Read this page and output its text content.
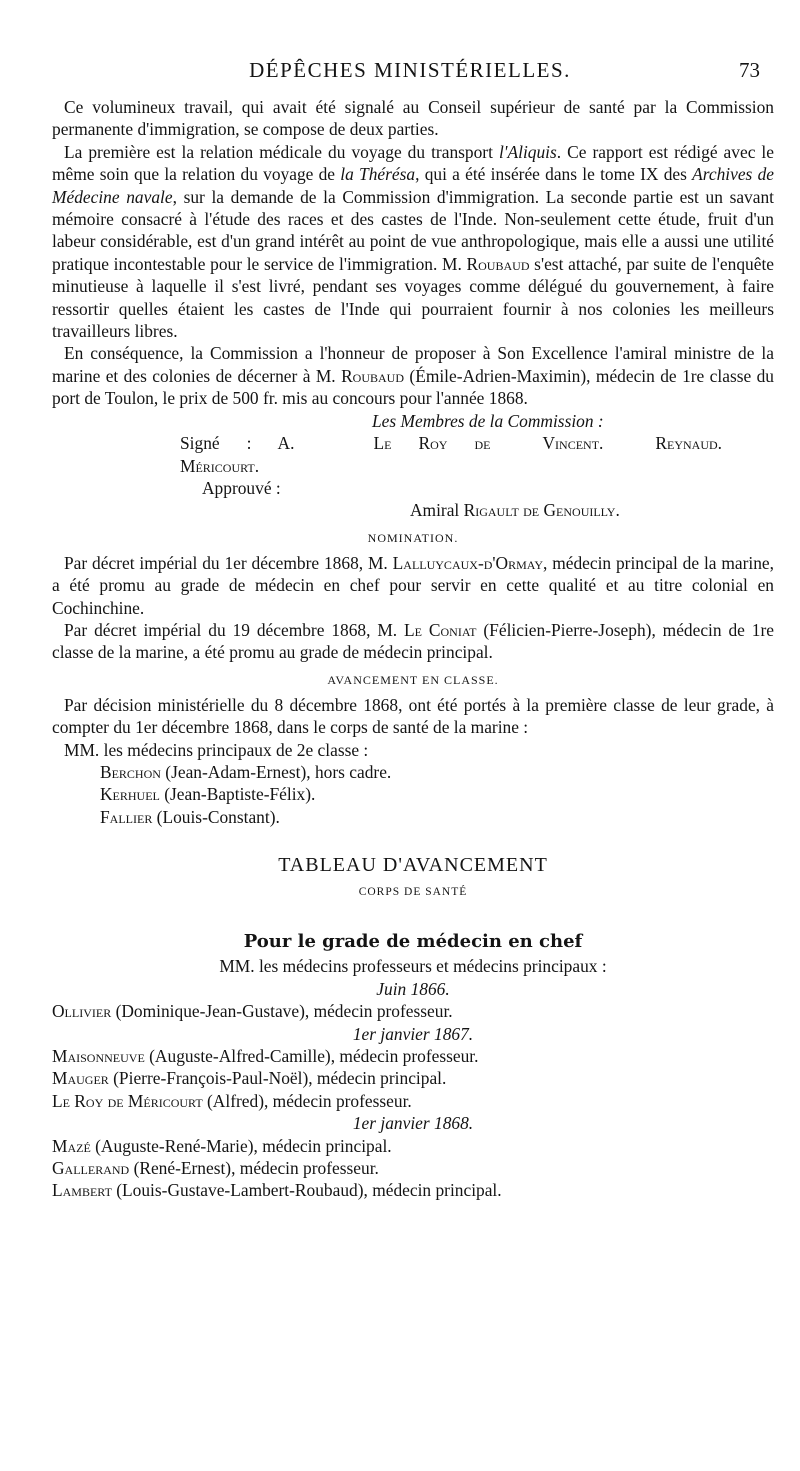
DÉPÊCHES MINISTÉRIELLES.	73

Ce volumineux travail, qui avait été signalé au Conseil supérieur de santé par la Commission permanente d'immigration, se compose de deux parties.

La première est la relation médicale du voyage du transport l'Aliquis. Ce rapport est rédigé avec le même soin que la relation du voyage de la Thérésa, qui a été insérée dans le tome IX des Archives de Médecine navale, sur la demande de la Commission d'immigration. La seconde partie est un savant mémoire consacré à l'étude des races et des castes de l'Inde. Non-seulement cette étude, fruit d'un labeur considérable, est d'un grand intérêt au point de vue anthropologique, mais elle a aussi une utilité pratique incontestable pour le service de l'immigration. M. Roubaud s'est attaché, par suite de l'enquête minutieuse à laquelle il s'est livré, pendant ses voyages comme délégué du gouvernement, à faire ressortir quelles étaient les castes de l'Inde qui pourraient fournir à nos colonies les meilleurs travailleurs libres.

En conséquence, la Commission a l'honneur de proposer à Son Excellence l'amiral ministre de la marine et des colonies de décerner à M. Roubaud (Émile-Adrien-Maximin), médecin de 1re classe du port de Toulon, le prix de 500 fr. mis au concours pour l'année 1868.

Les Membres de la Commission :

Signé : A.	Le Roy de Méricourt.
Vincent.	Reynaud.

Approuvé :

Amiral Rigault de Genouilly.

NOMINATION.

Par décret impérial du 1er décembre 1868, M. Lalluycaux-d'Ormay, médecin principal de la marine, a été promu au grade de médecin en chef pour servir en cette qualité et au titre colonial en Cochinchine.

Par décret impérial du 19 décembre 1868, M. Le Coniat (Félicien-Pierre-Joseph), médecin de 1re classe de la marine, a été promu au grade de médecin principal.

AVANCEMENT EN CLASSE.

Par décision ministérielle du 8 décembre 1868, ont été portés à la première classe de leur grade, à compter du 1er décembre 1868, dans le corps de santé de la marine :

MM. les médecins principaux de 2e classe :

Berchon (Jean-Adam-Ernest), hors cadre.

Kerhuel (Jean-Baptiste-Félix).

Fallier (Louis-Constant).

TABLEAU D'AVANCEMENT

CORPS DE SANTÉ

Pour le grade de médecin en chef

MM. les médecins professeurs et médecins principaux :

Juin 1866.

Ollivier (Dominique-Jean-Gustave), médecin professeur.

1er janvier 1867.

Maisonneuve (Auguste-Alfred-Camille), médecin professeur.

Mauger (Pierre-François-Paul-Noël), médecin principal.

Le Roy de Méricourt (Alfred), médecin professeur.

1er janvier 1868.

Mazé (Auguste-René-Marie), médecin principal.

Gallerand (René-Ernest), médecin professeur.

Lambert (Louis-Gustave-Lambert-Roubaud), médecin principal.
